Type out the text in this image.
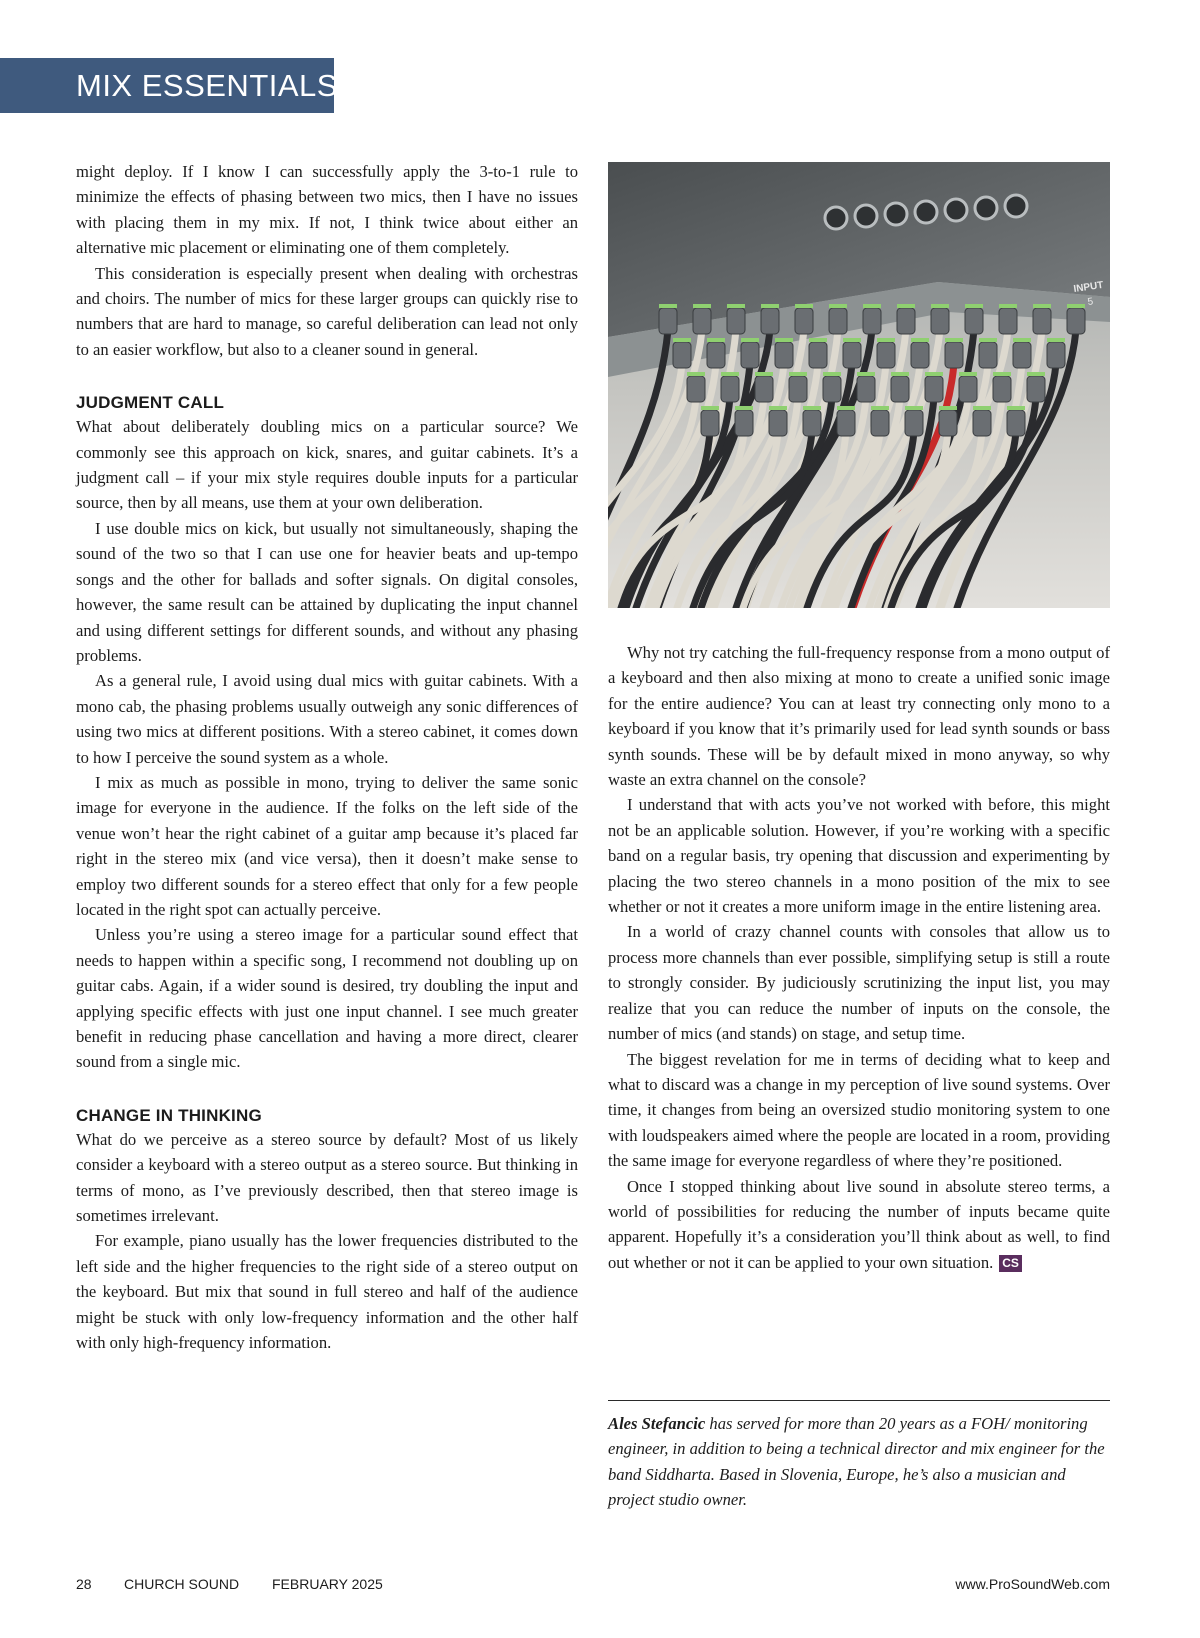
MIX ESSENTIALS

might deploy. If I know I can successfully apply the 3-to-1 rule to minimize the effects of phasing between two mics, then I have no issues with placing them in my mix. If not, I think twice about either an alternative mic placement or eliminating one of them completely.

This consideration is especially present when dealing with orchestras and choirs. The number of mics for these larger groups can quickly rise to numbers that are hard to manage, so careful deliberation can lead not only to an easier workflow, but also to a cleaner sound in general.

JUDGMENT CALL

What about deliberately doubling mics on a particular source? We commonly see this approach on kick, snares, and guitar cabinets. It’s a judgment call – if your mix style requires double inputs for a particular source, then by all means, use them at your own deliberation.

I use double mics on kick, but usually not simultaneously, shaping the sound of the two so that I can use one for heavier beats and up-tempo songs and the other for ballads and softer signals. On digital consoles, however, the same result can be attained by duplicating the input channel and using different settings for different sounds, and without any phasing problems.

As a general rule, I avoid using dual mics with guitar cabinets. With a mono cab, the phasing problems usually outweigh any sonic differences of using two mics at different positions. With a stereo cabinet, it comes down to how I perceive the sound system as a whole.

I mix as much as possible in mono, trying to deliver the same sonic image for everyone in the audience. If the folks on the left side of the venue won’t hear the right cabinet of a guitar amp because it’s placed far right in the stereo mix (and vice versa), then it doesn’t make sense to employ two different sounds for a stereo effect that only for a few people located in the right spot can actually perceive.

Unless you’re using a stereo image for a particular sound effect that needs to happen within a specific song, I recommend not doubling up on guitar cabs. Again, if a wider sound is desired, try doubling the input and applying specific effects with just one input channel. I see much greater benefit in reducing phase cancellation and having a more direct, clearer sound from a single mic.

CHANGE IN THINKING

What do we perceive as a stereo source by default? Most of us likely consider a keyboard with a stereo output as a stereo source. But thinking in terms of mono, as I’ve previously described, then that stereo image is sometimes irrelevant.

For example, piano usually has the lower frequencies distributed to the left side and the higher frequencies to the right side of a stereo output on the keyboard. But mix that sound in full stereo and half of the audience might be stuck with only low-frequency information and the other half with only high-frequency information.

INPUT
5

Why not try catching the full-frequency response from a mono output of a keyboard and then also mixing at mono to create a unified sonic image for the entire audience? You can at least try connecting only mono to a keyboard if you know that it’s primarily used for lead synth sounds or bass synth sounds. These will be by default mixed in mono anyway, so why waste an extra channel on the console?

I understand that with acts you’ve not worked with before, this might not be an applicable solution. However, if you’re working with a specific band on a regular basis, try opening that discussion and experimenting by placing the two stereo channels in a mono position of the mix to see whether or not it creates a more uniform image in the entire listening area.

In a world of crazy channel counts with consoles that allow us to process more channels than ever possible, simplifying setup is still a route to strongly consider. By judiciously scrutinizing the input list, you may realize that you can reduce the number of inputs on the console, the number of mics (and stands) on stage, and setup time.

The biggest revelation for me in terms of deciding what to keep and what to discard was a change in my perception of live sound systems. Over time, it changes from being an oversized studio monitoring system to one with loudspeakers aimed where the people are located in a room, providing the same image for everyone regardless of where they’re positioned.

Once I stopped thinking about live sound in absolute stereo terms, a world of possibilities for reducing the number of inputs became quite apparent. Hopefully it’s a consideration you’ll think about as well, to find out whether or not it can be applied to your own situation. CS

Ales Stefancic has served for more than 20 years as a FOH/ monitoring engineer, in addition to being a technical director and mix engineer for the band Siddharta. Based in Slovenia, Europe, he’s also a musician and project studio owner.

28 CHURCH SOUND FEBRUARY 2025	www.ProSoundWeb.com
